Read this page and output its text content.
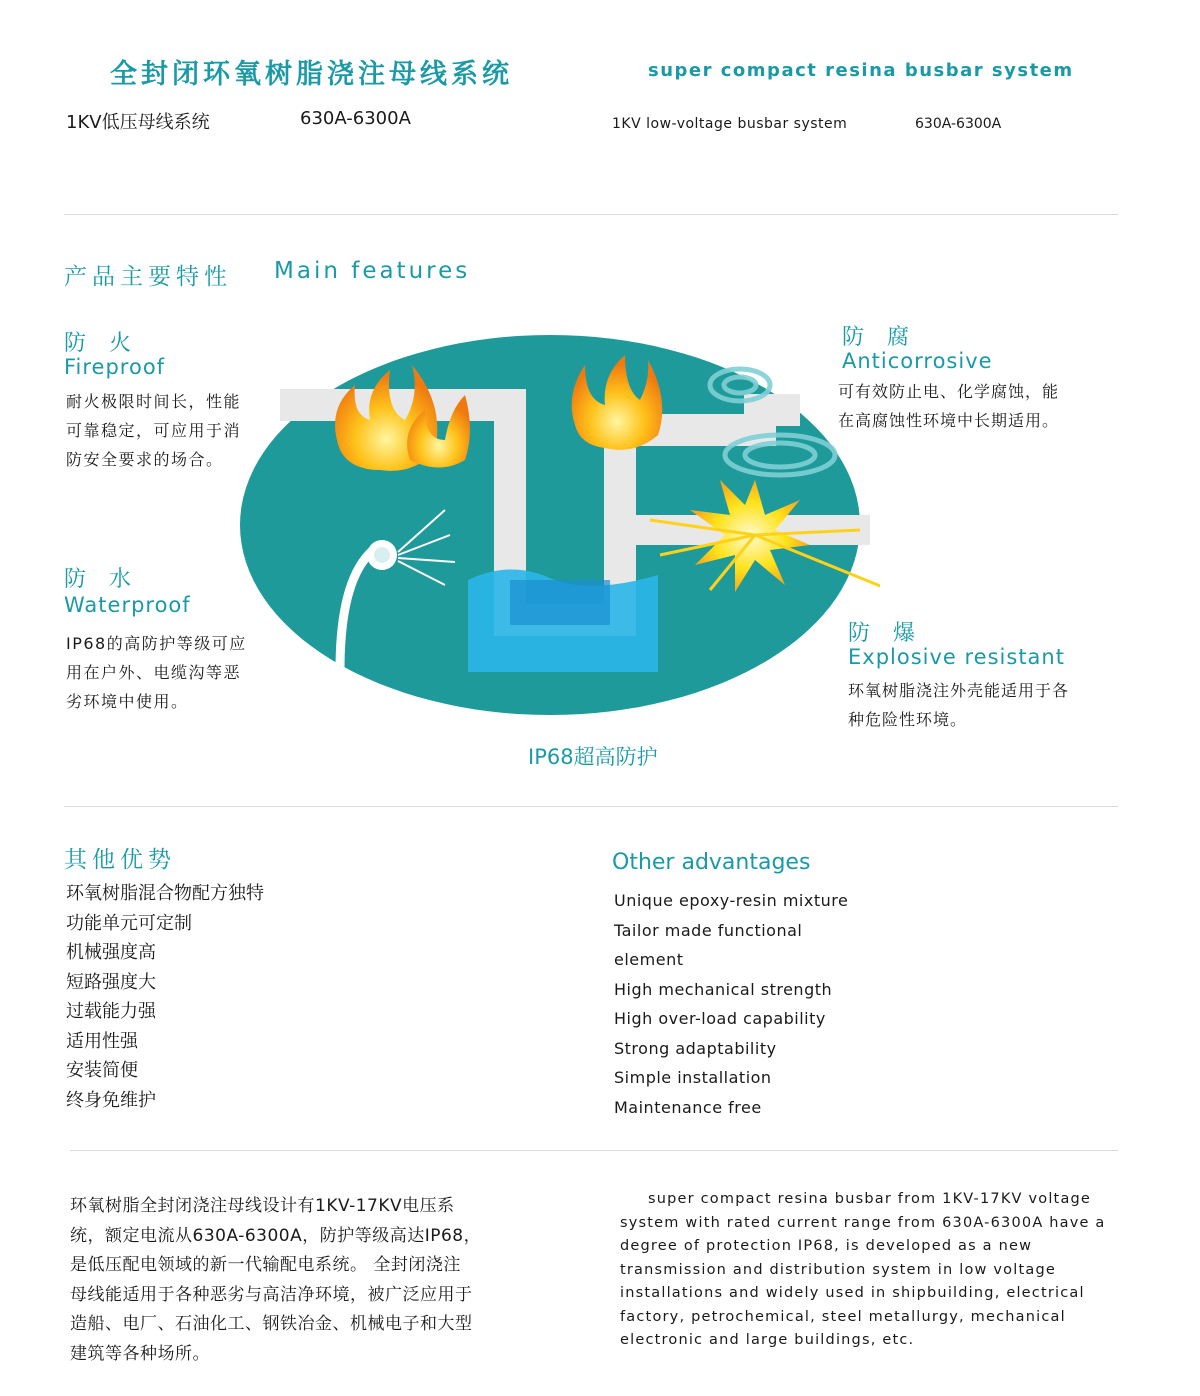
全封闭环氧树脂浇注母线系统	super compact resina busbar system
1KV低压母线系统	630A-6300A	1KV low-voltage busbar system	630A-6300A
产品主要特性 Main features
IP68超高防护
防 火
Fireproof
耐火极限时间长，性能
可靠稳定，可应用于消
防安全要求的场合。
防 水
Waterproof
IP68的高防护等级可应
用在户外、电缆沟等恶
劣环境中使用。
防 腐
Anticorrosive
可有效防止电、化学腐蚀，能
在高腐蚀性环境中长期适用。
防 爆
Explosive resistant
环氧树脂浇注外壳能适用于各
种危险性环境。
其他优势	Other advantages
环氧树脂混合物配方独特
功能单元可定制
机械强度高
短路强度大
过载能力强
适用性强
安装简便
终身免维护
Unique epoxy-resin mixture
Tailor made functional
element
High mechanical strength
High over-load capability
Strong adaptability
Simple installation
Maintenance free
环氧树脂全封闭浇注母线设计有1KV-17KV电压系
统，额定电流从630A-6300A，防护等级高达IP68，
是低压配电领域的新一代输配电系统。 全封闭浇注
母线能适用于各种恶劣与高洁净环境，被广泛应用于
造船、电厂、石油化工、钢铁冶金、机械电子和大型
建筑等各种场所。
super compact resina busbar from 1KV-17KV voltage
system with rated current range from 630A-6300A have a
degree of protection IP68, is developed as a new
transmission and distribution system in low voltage
installations and widely used in shipbuilding, electrical
factory, petrochemical, steel metallurgy, mechanical
electronic and large buildings, etc.
